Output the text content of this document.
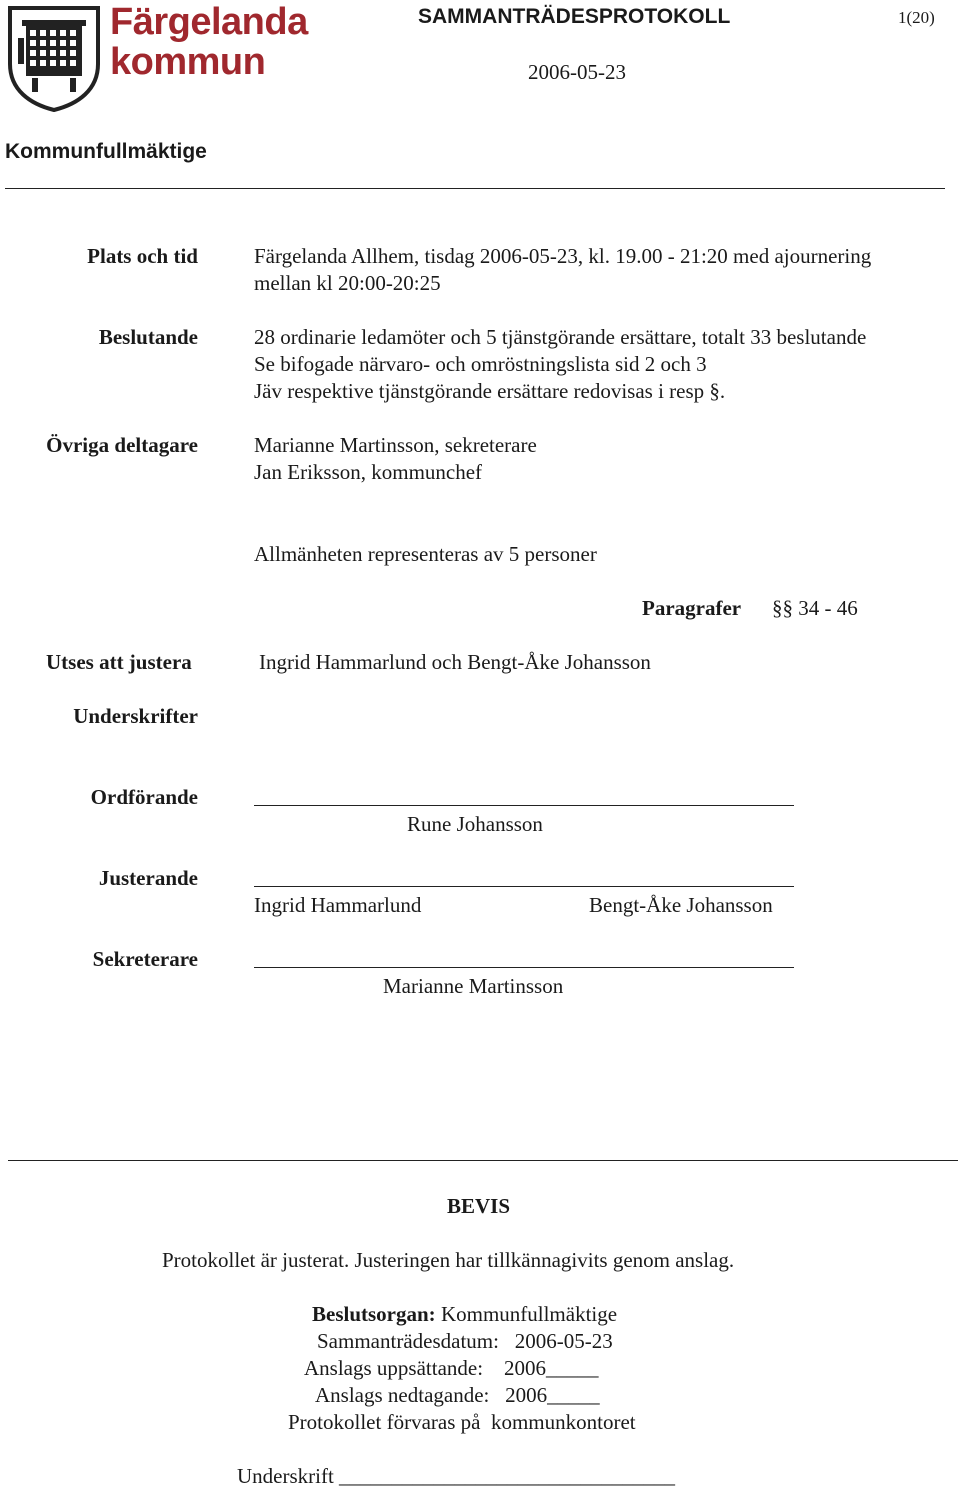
Färgelanda
kommun
SAMMANTRÄDESPROTOKOLL	1(20)
2006-05-23
Kommunfullmäktige
Plats och tid	Färgelanda Allhem, tisdag 2006-05-23, kl. 19.00 - 21:20 med ajournering
mellan kl 20:00-20:25
Beslutande	28 ordinarie ledamöter och 5 tjänstgörande ersättare, totalt 33 beslutande
Se bifogade närvaro- och omröstningslista sid 2 och 3
Jäv respektive tjänstgörande ersättare redovisas i resp §.
Övriga deltagare	Marianne Martinsson, sekreterare
Jan Eriksson, kommunchef
Allmänheten representeras av 5 personer
Paragrafer §§ 34 - 46
Utses att justera	Ingrid Hammarlund och Bengt-Åke Johansson
Underskrifter
Ordförande
Rune Johansson
Justerande
Ingrid Hammarlund	Bengt-Åke Johansson
Sekreterare
Marianne Martinsson
BEVIS
Protokollet är justerat. Justeringen har tillkännagivits genom anslag.
Beslutsorgan: Kommunfullmäktige
Sammanträdesdatum:   2006-05-23
Anslags uppsättande:    2006_____
Anslags nedtagande:   2006_____
Protokollet förvaras på  kommunkontoret
Underskrift ________________________________
